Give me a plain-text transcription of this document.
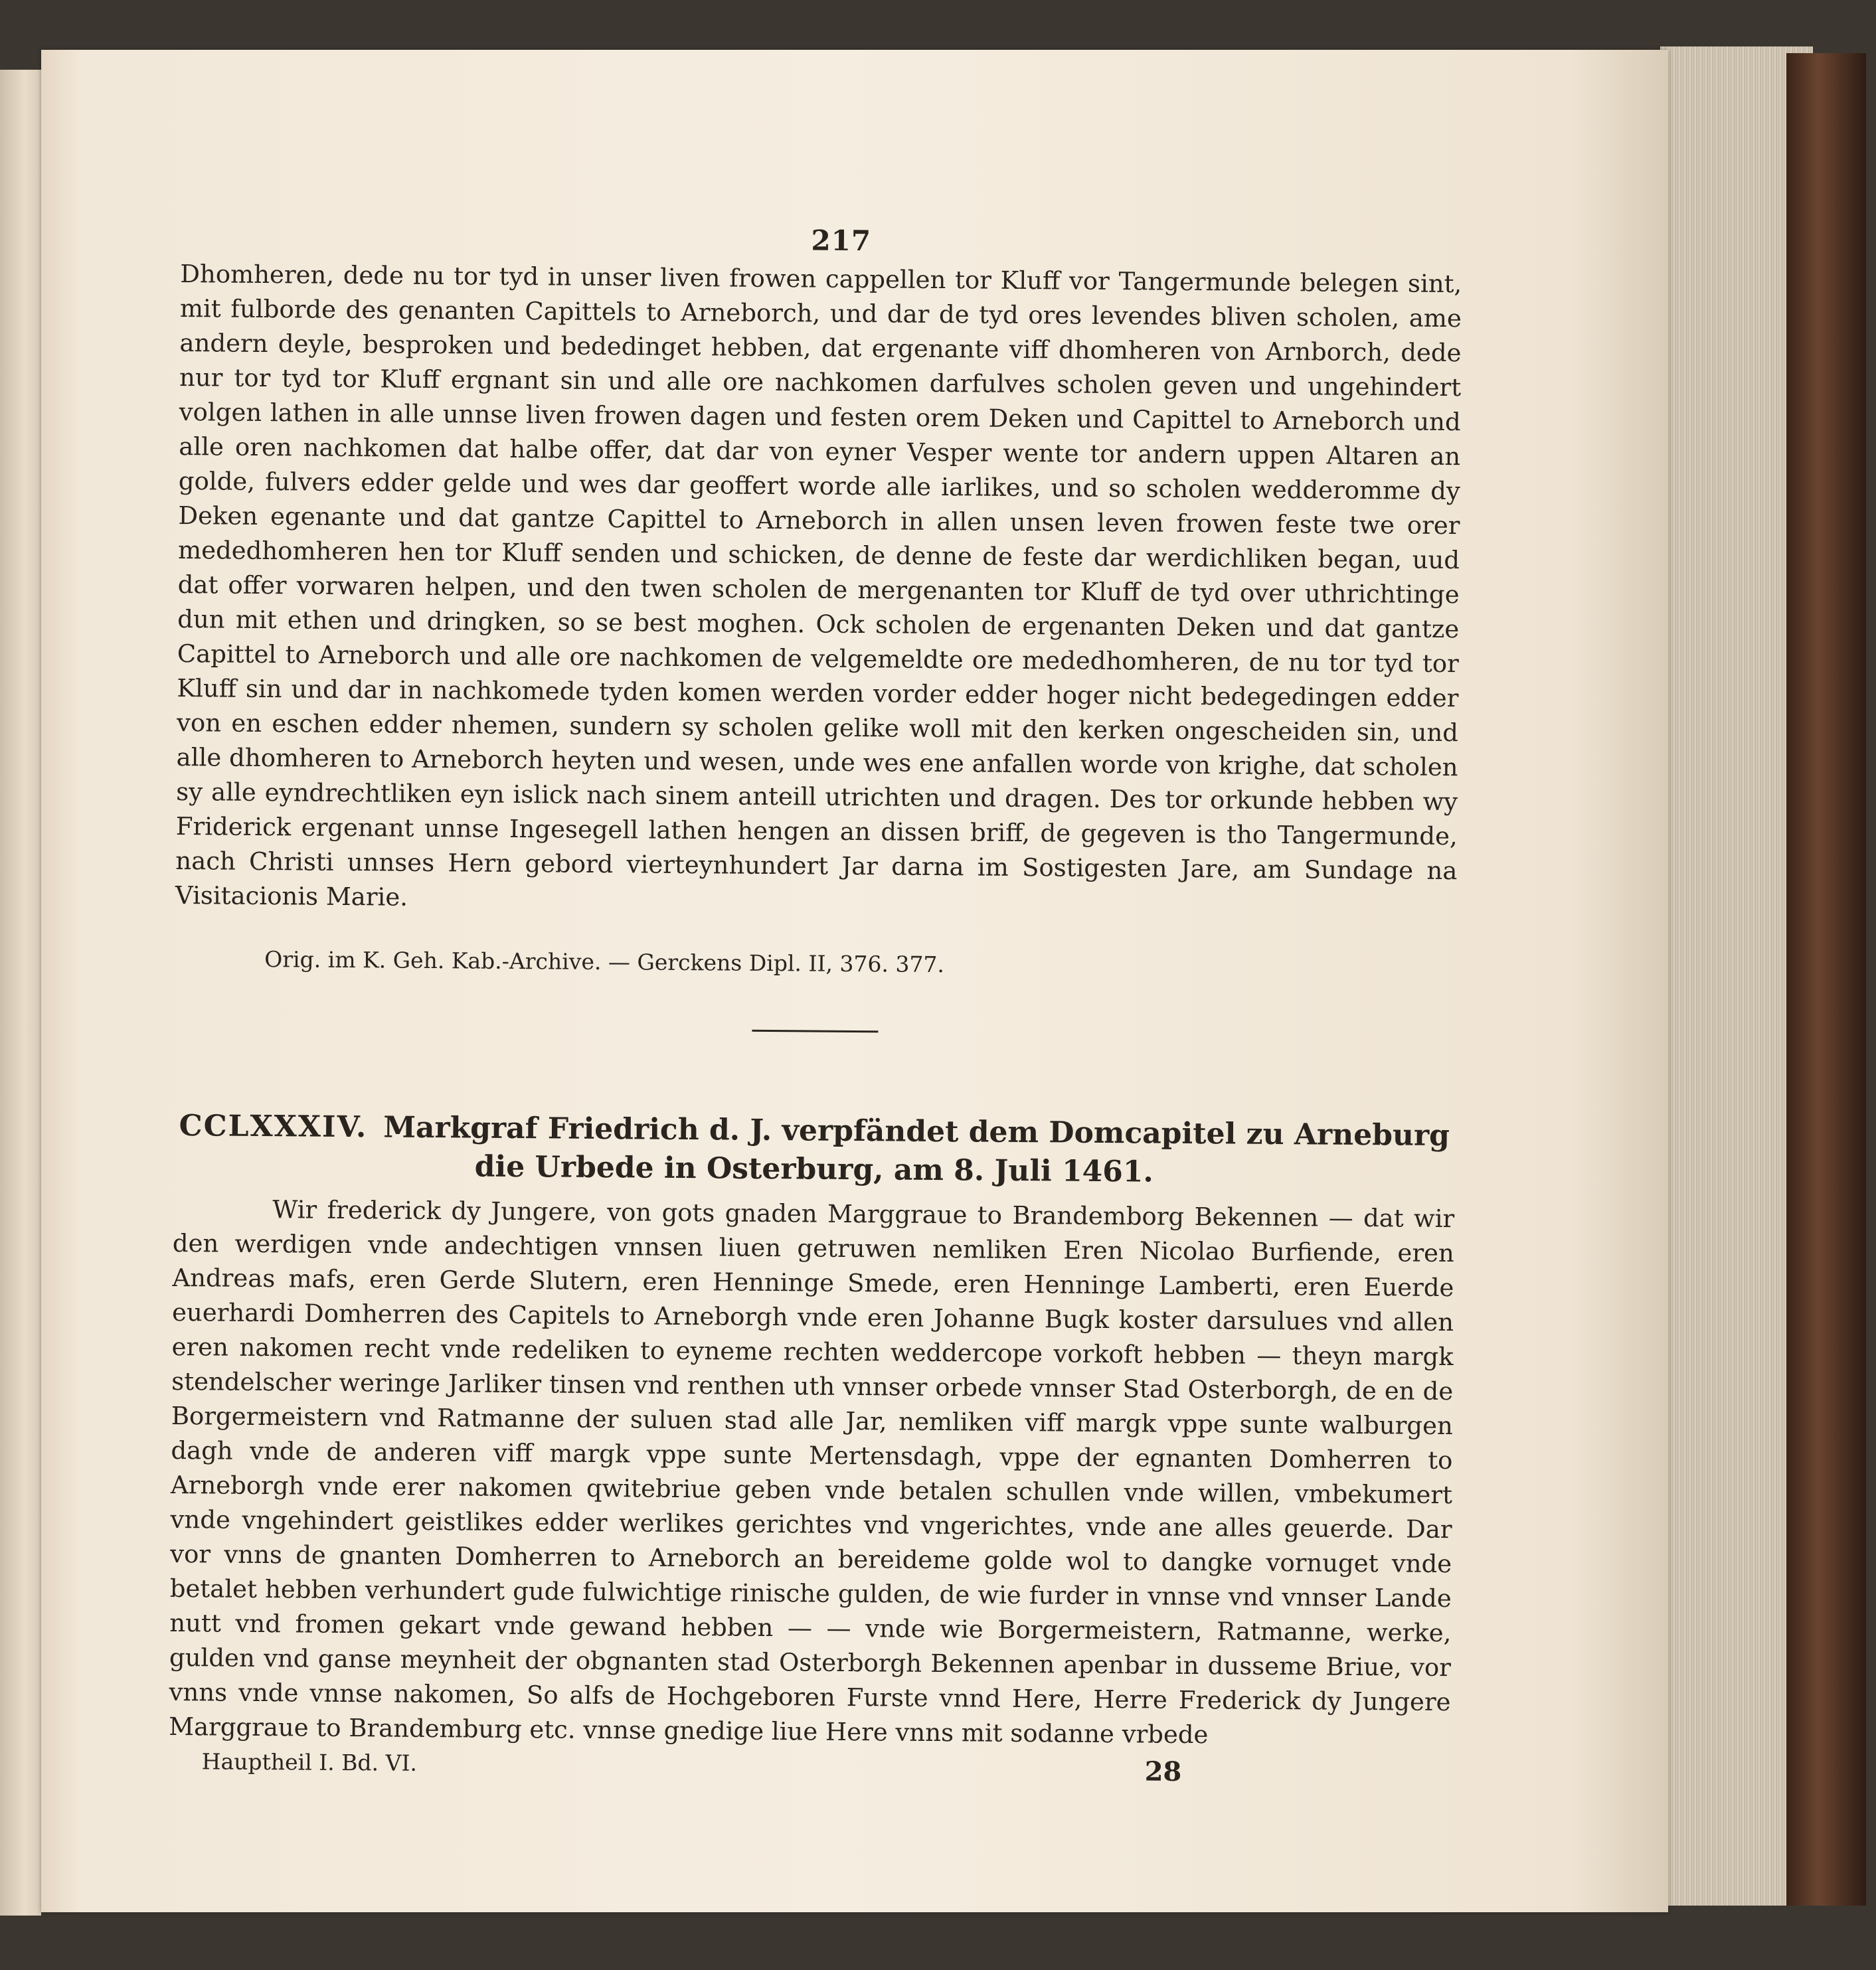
217

Dhomheren, dede nu tor tyd in unser liven frowen cappellen tor Kluff vor Tangermunde belegen sint, mit fulborde des genanten Capittels to Arneborch, und dar de tyd ores levendes bliven scholen, ame andern deyle, besproken und bededinget hebben, dat ergenante viff dhomheren von Arnborch, dede nur tor tyd tor Kluff ergnant sin und alle ore nachkomen darfulves scholen geven und ungehindert volgen lathen in alle unnse liven frowen dagen und festen orem Deken und Capittel to Arneborch und alle oren nachkomen dat halbe offer, dat dar von eyner Vesper wente tor andern uppen Altaren an golde, fulvers edder gelde und wes dar geoffert worde alle iarlikes, und so scholen wedderomme dy Deken egenante und dat gantze Capittel to Arneborch in allen unsen leven frowen feste twe orer mededhomheren hen tor Kluff senden und schicken, de denne de feste dar werdichliken began, uud dat offer vorwaren helpen, und den twen scholen de mergenanten tor Kluff de tyd over uthrichtinge dun mit ethen und dringken, so se best moghen. Ock scholen de ergenanten Deken und dat gantze Capittel to Arneborch und alle ore nachkomen de velgemeldte ore mededhomheren, de nu tor tyd tor Kluff sin und dar in nachkomede tyden komen werden vorder edder hoger nicht bedegedingen edder von en eschen edder nhemen, sundern sy scholen gelike woll mit den kerken ongescheiden sin, und alle dhomheren to Arneborch heyten und wesen, unde wes ene anfallen worde von krighe, dat scholen sy alle eyndrechtliken eyn islick nach sinem anteill utrichten und dragen. Des tor orkunde hebben wy Friderick ergenant unnse Ingesegell lathen hengen an dissen briff, de gegeven is tho Tangermunde, nach Christi unnses Hern gebord vierteynhundert Jar darna im Sostigesten Jare, am Sundage na Visitacionis Marie.

Orig. im K. Geh. Kab.-Archive. — Gerckens Dipl. II, 376. 377.
CCLXXXIV. Markgraf Friedrich d. J. verpfändet dem Domcapitel zu Arneburg die Urbede in Osterburg, am 8. Juli 1461.

Wir frederick dy Jungere, von gots gnaden Marggraue to Brandemborg Bekennen — dat wir den werdigen vnde andechtigen vnnsen liuen getruwen nemliken Eren Nicolao Burfiende, eren Andreas mafs, eren Gerde Slutern, eren Henninge Smede, eren Henninge Lamberti, eren Euerde euerhardi Domherren des Capitels to Arneborgh vnde eren Johanne Bugk koster darsulues vnd allen eren nakomen recht vnde redeliken to eyneme rechten weddercope vorkoft hebben — theyn margk stendelscher weringe Jarliker tinsen vnd renthen uth vnnser orbede vnnser Stad Osterborgh, de en de Borgermeistern vnd Ratmanne der suluen stad alle Jar, nemliken viff margk vppe sunte walburgen dagh vnde de anderen viff margk vppe sunte Mertensdagh, vppe der egnanten Domherren to Arneborgh vnde erer nakomen qwitebriue geben vnde betalen schullen vnde willen, vmbekumert vnde vngehindert geistlikes edder werlikes gerichtes vnd vngerichtes, vnde ane alles geuerde. Dar vor vnns de gnanten Domherren to Arneborch an bereideme golde wol to dangke vornuget vnde betalet hebben verhundert gude fulwichtige rinische gulden, de wie furder in vnnse vnd vnnser Lande nutt vnd fromen gekart vnde gewand hebben — — vnde wie Borgermeistern, Ratmanne, werke, gulden vnd ganse meynheit der obgnanten stad Osterborgh Bekennen apenbar in dusseme Briue, vor vnns vnde vnnse nakomen, So alfs de Hochgeboren Furste vnnd Here, Herre Frederick dy Jungere Marggraue to Brandemburg etc. vnnse gnedige liue Here vnns mit sodanne vrbede

Hauptheil I. Bd. VI.	28
